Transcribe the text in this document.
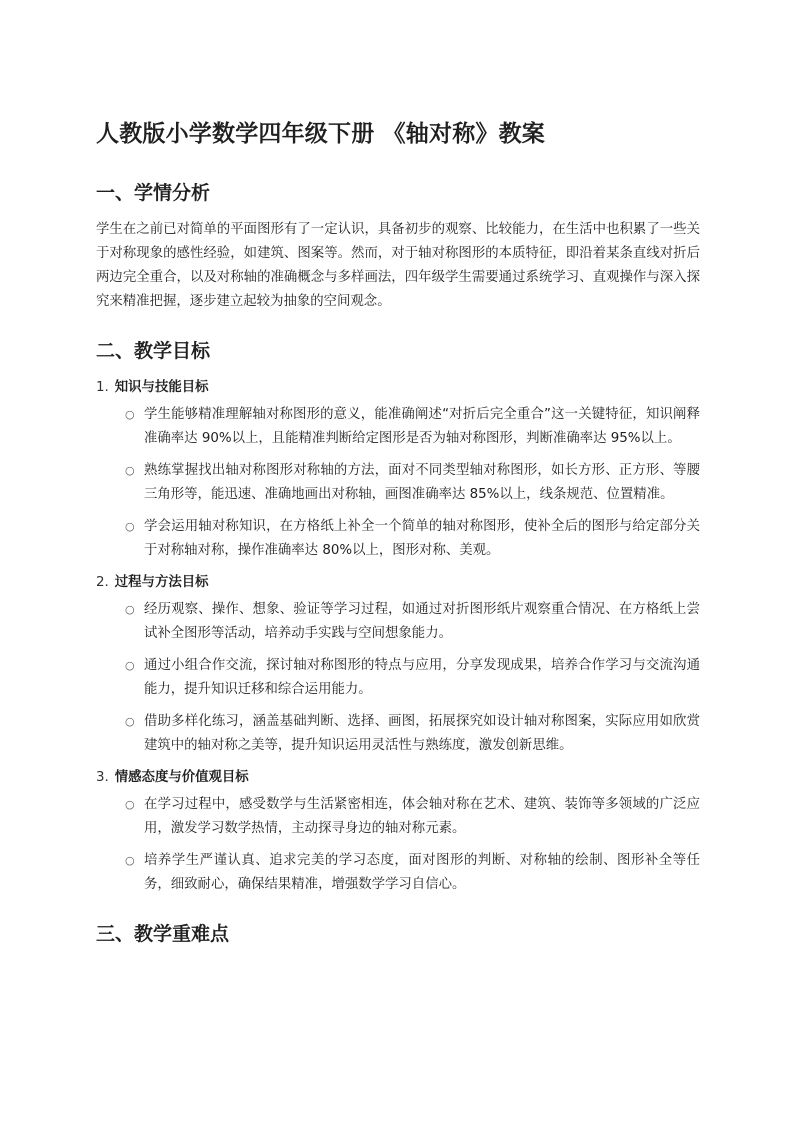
人教版小学数学四年级下册 《轴对称》教案
一、学情分析

学生在之前已对简单的平面图形有了一定认识，具备初步的观察、比较能力，在生活中也积累了一些关于对称现象的感性经验，如建筑、图案等。然而，对于轴对称图形的本质特征，即沿着某条直线对折后两边完全重合，以及对称轴的准确概念与多样画法，四年级学生需要通过系统学习、直观操作与深入探究来精准把握，逐步建立起较为抽象的空间观念。

二、教学目标
1. 知识与技能目标
○ 学生能够精准理解轴对称图形的意义，能准确阐述“对折后完全重合”这一关键特征，知识阐释准确率达 90%以上，且能精准判断给定图形是否为轴对称图形，判断准确率达 95%以上。
○ 熟练掌握找出轴对称图形对称轴的方法，面对不同类型轴对称图形，如长方形、正方形、等腰三角形等，能迅速、准确地画出对称轴，画图准确率达 85%以上，线条规范、位置精准。
○ 学会运用轴对称知识，在方格纸上补全一个简单的轴对称图形，使补全后的图形与给定部分关于对称轴对称，操作准确率达 80%以上，图形对称、美观。
2. 过程与方法目标
○ 经历观察、操作、想象、验证等学习过程，如通过对折图形纸片观察重合情况、在方格纸上尝试补全图形等活动，培养动手实践与空间想象能力。
○ 通过小组合作交流，探讨轴对称图形的特点与应用，分享发现成果，培养合作学习与交流沟通能力，提升知识迁移和综合运用能力。
○ 借助多样化练习，涵盖基础判断、选择、画图，拓展探究如设计轴对称图案，实际应用如欣赏建筑中的轴对称之美等，提升知识运用灵活性与熟练度，激发创新思维。
3. 情感态度与价值观目标
○ 在学习过程中，感受数学与生活紧密相连，体会轴对称在艺术、建筑、装饰等多领域的广泛应用，激发学习数学热情，主动探寻身边的轴对称元素。
○ 培养学生严谨认真、追求完美的学习态度，面对图形的判断、对称轴的绘制、图形补全等任务，细致耐心，确保结果精准，增强数学学习自信心。
三、教学重难点
